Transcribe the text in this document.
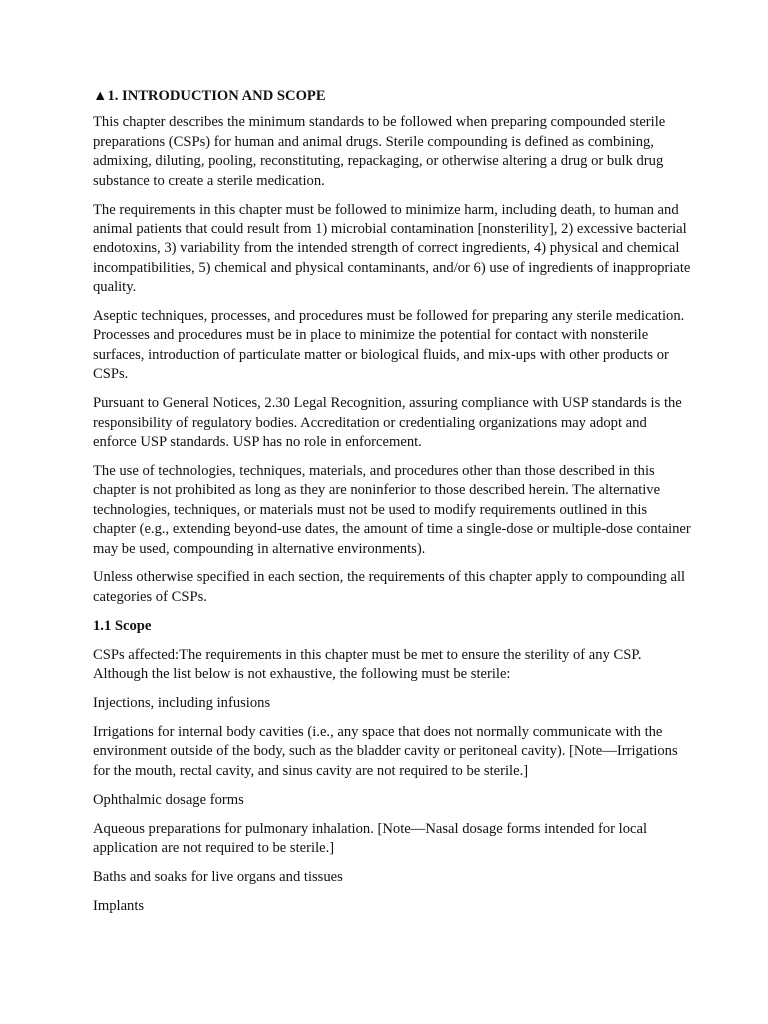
▲1. INTRODUCTION AND SCOPE

This chapter describes the minimum standards to be followed when preparing compounded sterile preparations (CSPs) for human and animal drugs. Sterile compounding is defined as combining, admixing, diluting, pooling, reconstituting, repackaging, or otherwise altering a drug or bulk drug substance to create a sterile medication.

The requirements in this chapter must be followed to minimize harm, including death, to human and animal patients that could result from 1) microbial contamination [nonsterility], 2) excessive bacterial endotoxins, 3) variability from the intended strength of correct ingredients, 4) physical and chemical incompatibilities, 5) chemical and physical contaminants, and/or 6) use of ingredients of inappropriate quality.

Aseptic techniques, processes, and procedures must be followed for preparing any sterile medication. Processes and procedures must be in place to minimize the potential for contact with nonsterile surfaces, introduction of particulate matter or biological fluids, and mix-ups with other products or CSPs.

Pursuant to General Notices, 2.30 Legal Recognition, assuring compliance with USP standards is the responsibility of regulatory bodies. Accreditation or credentialing organizations may adopt and enforce USP standards. USP has no role in enforcement.

The use of technologies, techniques, materials, and procedures other than those described in this chapter is not prohibited as long as they are noninferior to those described herein. The alternative technologies, techniques, or materials must not be used to modify requirements outlined in this chapter (e.g., extending beyond-use dates, the amount of time a single-dose or multiple-dose container may be used, compounding in alternative environments).

Unless otherwise specified in each section, the requirements of this chapter apply to compounding all categories of CSPs.

1.1 Scope

CSPs affected:The requirements in this chapter must be met to ensure the sterility of any CSP. Although the list below is not exhaustive, the following must be sterile:

Injections, including infusions

Irrigations for internal body cavities (i.e., any space that does not normally communicate with the environment outside of the body, such as the bladder cavity or peritoneal cavity). [Note—Irrigations for the mouth, rectal cavity, and sinus cavity are not required to be sterile.]

Ophthalmic dosage forms

Aqueous preparations for pulmonary inhalation. [Note—Nasal dosage forms intended for local application are not required to be sterile.]

Baths and soaks for live organs and tissues

Implants
